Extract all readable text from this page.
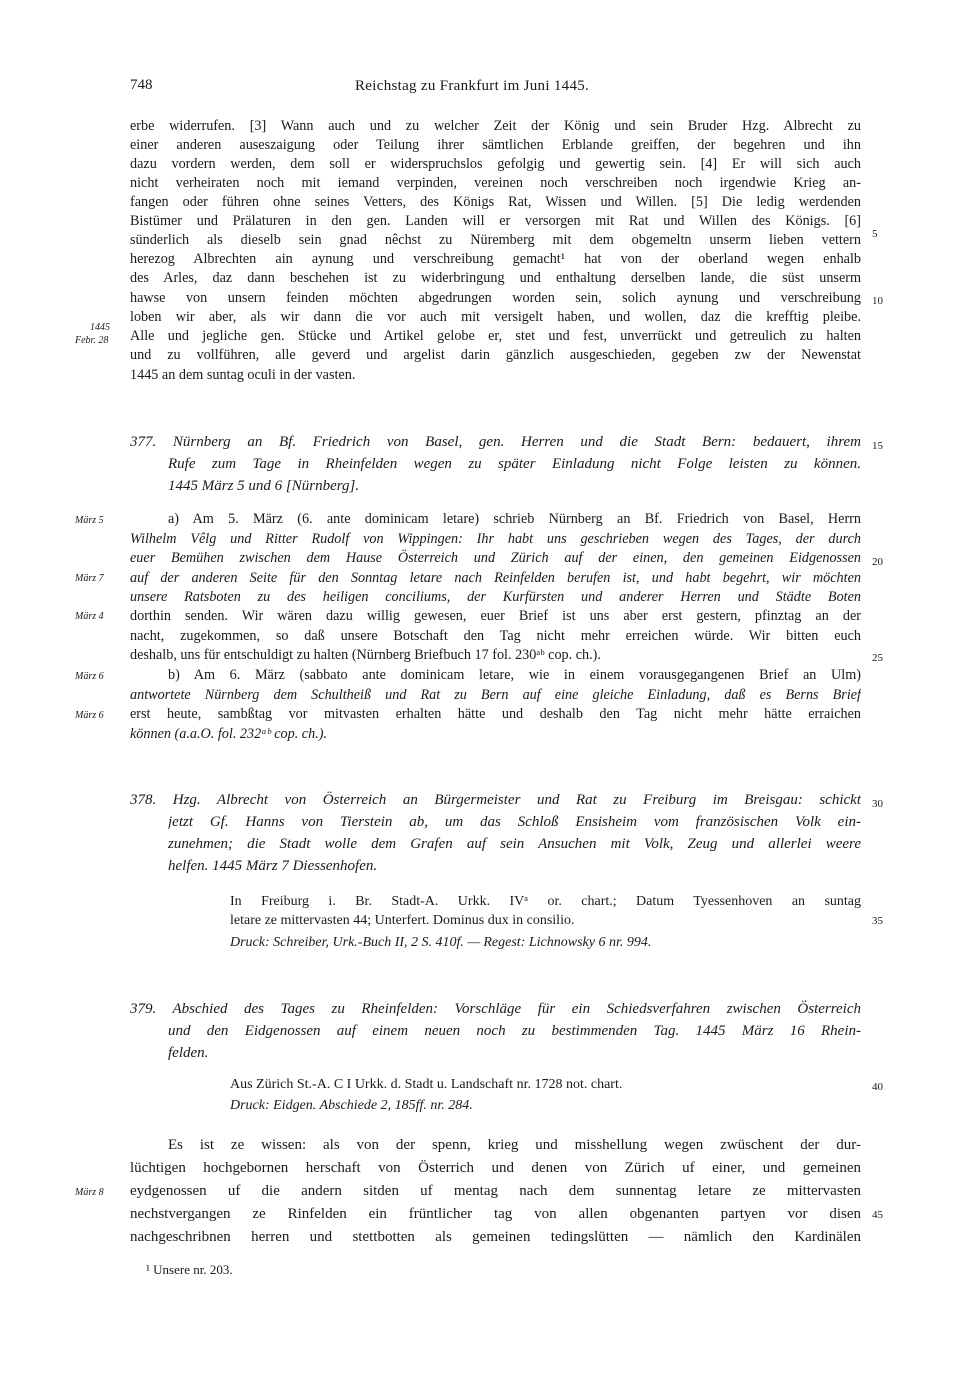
748	Reichstag zu Frankfurt im Juni 1445.
erbe widerrufen. [3] Wann auch und zu welcher Zeit der König und sein Bruder Hzg. Albrecht zu
einer anderen auseszaigung oder Teilung ihrer sämtlichen Erblande greiffen, der begehren und ihn
dazu vordern werden, dem soll er widerspruchslos gefolgig und gewertig sein. [4] Er will sich auch
nicht verheiraten noch mit iemand verpinden, vereinen noch verschreiben noch irgendwie Krieg an-
fangen oder führen ohne seines Vetters, des Königs Rat, Wissen und Willen. [5] Die ledig werdenden
Bistümer und Prälaturen in den gen. Landen will er versorgen mit Rat und Willen des Königs. [6]
sünderlich als dieselb sein gnad nêchst zu Nüremberg mit dem obgemeltn unserm lieben vettern
herezog Albrechten ain aynung und verschreibung gemacht¹ hat von der oberland wegen enhalb
des Arles, daz dann beschehen ist zu widerbringung und enthaltung derselben lande, die süst unserm
hawse von unsern feinden möchten abgedrungen worden sein, solich aynung und verschreibung
loben wir aber, als wir dann die vor auch mit versigelt haben, und wollen, daz die krefftig pleibe.
Alle und jegliche gen. Stücke und Artikel gelobe er, stet und fest, unverrückt und getreulich zu halten
und zu vollführen, alle geverd und argelist darin gänzlich ausgeschieden, gegeben zw der Newenstat
1445 an dem suntag oculi in der vasten.
377. Nürnberg an Bf. Friedrich von Basel, gen. Herren und die Stadt Bern: bedauert, ihrem
Rufe zum Tage in Rheinfelden wegen zu später Einladung nicht Folge leisten zu können.
1445 März 5 und 6 [Nürnberg].
a) Am 5. März (6. ante dominicam letare) schrieb Nürnberg an Bf. Friedrich von Basel, Herrn
Wilhelm Vêlg und Ritter Rudolf von Wippingen: Ihr habt uns geschrieben wegen des Tages, der durch
euer Bemühen zwischen dem Hause Österreich und Zürich auf der einen, den gemeinen Eidgenossen
auf der anderen Seite für den Sonntag letare nach Reinfelden berufen ist, und habt begehrt, wir möchten
unsere Ratsboten zu des heiligen conciliums, der Kurfürsten und anderer Herren und Städte Boten
dorthin senden. Wir wären dazu willig gewesen, euer Brief ist uns aber erst gestern, pfinztag an der
nacht, zugekommen, so daß unsere Botschaft den Tag nicht mehr erreichen würde. Wir bitten euch
deshalb, uns für entschuldigt zu halten (Nürnberg Briefbuch 17 fol. 230ᵃᵇ cop. ch.).
b) Am 6. März (sabbato ante dominicam letare, wie in einem vorausgegangenen Brief an Ulm)
antwortete Nürnberg dem Schultheiß und Rat zu Bern auf eine gleiche Einladung, daß es Berns Brief
erst heute, sambßtag vor mitvasten erhalten hätte und deshalb den Tag nicht mehr hätte erraichen
können (a.a.O. fol. 232ᵃᵇ cop. ch.).
378. Hzg. Albrecht von Österreich an Bürgermeister und Rat zu Freiburg im Breisgau: schickt
jetzt Gf. Hanns von Tierstein ab, um das Schloß Ensisheim vom französischen Volk ein-
zunehmen; die Stadt wolle dem Grafen auf sein Ansuchen mit Volk, Zeug und allerlei weere
helfen. 1445 März 7 Diessenhofen.
In Freiburg i. Br. Stadt-A. Urkk. IVᵃ or. chart.; Datum Tyessenhoven an suntag
letare ze mittervasten 44; Unterfert. Dominus dux in consilio.
Druck: Schreiber, Urk.-Buch II, 2 S. 410f. — Regest: Lichnowsky 6 nr. 994.
379. Abschied des Tages zu Rheinfelden: Vorschläge für ein Schiedsverfahren zwischen Österreich
und den Eidgenossen auf einem neuen noch zu bestimmenden Tag. 1445 März 16 Rhein-
felden.
Aus Zürich St.-A. C I Urkk. d. Stadt u. Landschaft nr. 1728 not. chart.
Druck: Eidgen. Abschiede 2, 185ff. nr. 284.
Es ist ze wissen: als von der spenn, krieg und misshellung wegen zwüschent der dur-
lüchtigen hochgebornen herschaft von Österrich und denen von Zürich uf einer, und gemeinen
eydgenossen uf die andern sitden uf mentag nach dem sunnentag letare ze mittervasten
nechstvergangen ze Rinfelden ein früntlicher tag von allen obgenanten partyen vor disen
nachgeschribnen herren und stettbotten als gemeinen tedingslütten — nämlich den Kardinälen
¹ Unsere nr. 203.
5
10
15
20
25
30
35
40
45
1445
Febr. 28
März 5
März 7
März 4
März 6
März 6
März 8
